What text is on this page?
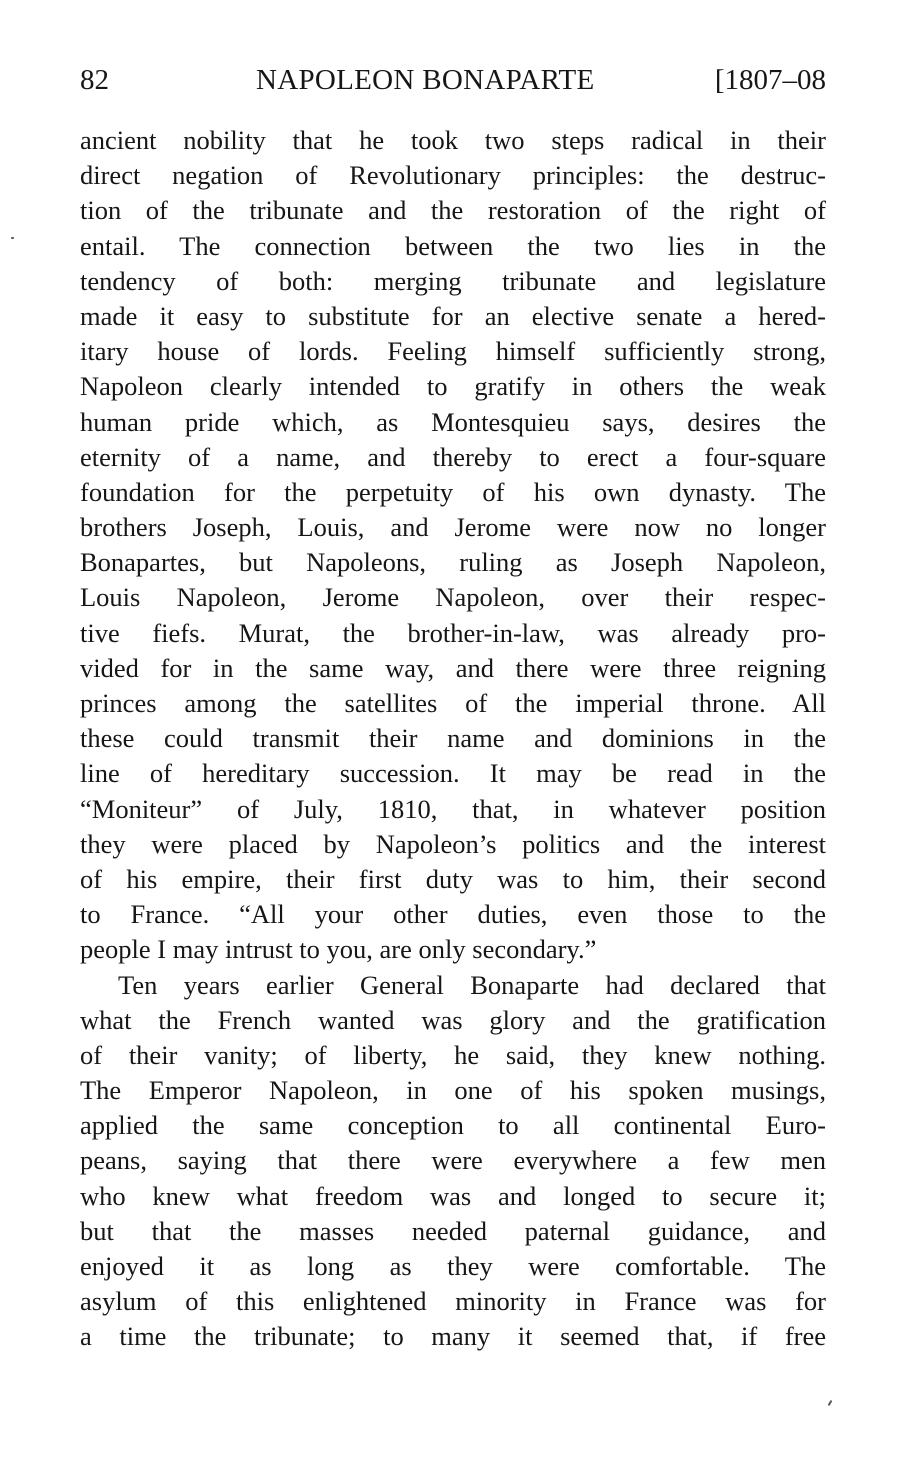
82	NAPOLEON BONAPARTE	[1807–08
ancient nobility that he took two steps radical in their
direct negation of Revolutionary principles: the destruc-
tion of the tribunate and the restoration of the right of
entail. The connection between the two lies in the
tendency of both: merging tribunate and legislature
made it easy to substitute for an elective senate a hered-
itary house of lords. Feeling himself sufficiently strong,
Napoleon clearly intended to gratify in others the weak
human pride which, as Montesquieu says, desires the
eternity of a name, and thereby to erect a four-square
foundation for the perpetuity of his own dynasty. The
brothers Joseph, Louis, and Jerome were now no longer
Bonapartes, but Napoleons, ruling as Joseph Napoleon,
Louis Napoleon, Jerome Napoleon, over their respec-
tive fiefs. Murat, the brother-in-law, was already pro-
vided for in the same way, and there were three reigning
princes among the satellites of the imperial throne. All
these could transmit their name and dominions in the
line of hereditary succession. It may be read in the
“Moniteur” of July, 1810, that, in whatever position
they were placed by Napoleon’s politics and the interest
of his empire, their first duty was to him, their second
to France. “All your other duties, even those to the
people I may intrust to you, are only secondary.”
Ten years earlier General Bonaparte had declared that
what the French wanted was glory and the gratification
of their vanity; of liberty, he said, they knew nothing.
The Emperor Napoleon, in one of his spoken musings,
applied the same conception to all continental Euro-
peans, saying that there were everywhere a few men
who knew what freedom was and longed to secure it;
but that the masses needed paternal guidance, and
enjoyed it as long as they were comfortable. The
asylum of this enlightened minority in France was for
a time the tribunate; to many it seemed that, if free
